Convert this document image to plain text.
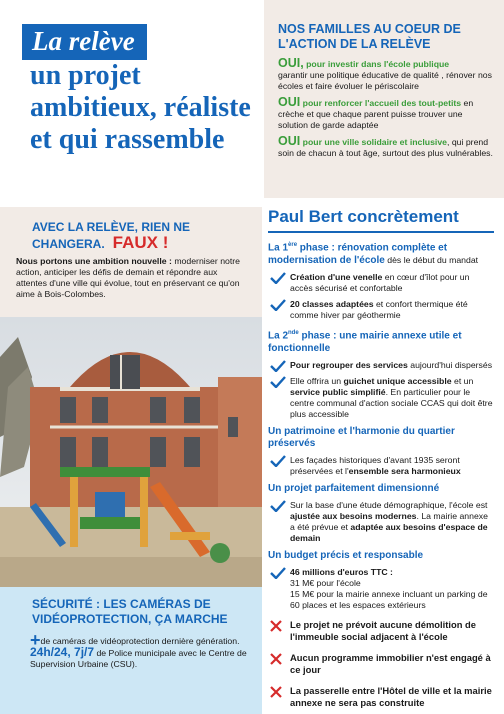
La relève
un projet ambitieux, réaliste et qui rassemble
NOS FAMILLES AU COEUR DE L'ACTION DE LA RELÈVE
OUI, pour investir dans l'école publique
garantir une politique éducative de qualité , rénover nos écoles et faire évoluer le périscolaire
OUI pour renforcer l'accueil des tout-petits en crèche et que chaque parent puisse trouver une solution de garde adaptée
OUI pour une ville solidaire et inclusive, qui prend soin de chacun à tout âge, surtout des plus vulnérables.
AVEC LA RELÈVE, RIEN NE CHANGERA. FAUX !
Nous portons une ambition nouvelle : moderniser notre action, anticiper les défis de demain et répondre aux attentes d'une ville qui évolue, tout en préservant ce qu'on aime à Bois-Colombes.
SÉCURITÉ : LES CAMÉRAS DE VIDÉOPROTECTION, ÇA MARCHE
+de caméras de vidéoprotection dernière génération.
24h/24, 7j/7 de Police municipale avec le Centre de Supervision Urbaine (CSU).
Paul Bert concrètement
La 1ère phase : rénovation complète et modernisation de l'école dès le début du mandat
Création d'une venelle en cœur d'îlot pour un accès sécurisé et confortable
20 classes adaptées et confort thermique été comme hiver par géothermie
La 2nde phase : une mairie annexe utile et fonctionnelle
Pour regrouper des services aujourd'hui dispersés
Elle offrira un guichet unique accessible et un service public simplifié. En particulier pour le centre communal d'action sociale CCAS qui doit être plus accessible
Un patrimoine et l'harmonie du quartier préservés
Les façades historiques d'avant 1935 seront préservées et l'ensemble sera harmonieux
Un projet parfaitement dimensionné
Sur la base d'une étude démographique, l'école est ajustée aux besoins modernes. La mairie annexe a été prévue et adaptée aux besoins d'espace de demain
Un budget précis et responsable
46 millions d'euros TTC :
31 M€ pour l'école
15 M€ pour la mairie annexe incluant un parking de 60 places et les espaces extérieurs
Le projet ne prévoit aucune démolition de l'immeuble social adjacent à l'école
Aucun programme immobilier n'est engagé à ce jour
La passerelle entre l'Hôtel de ville et la mairie annexe ne sera pas construite
